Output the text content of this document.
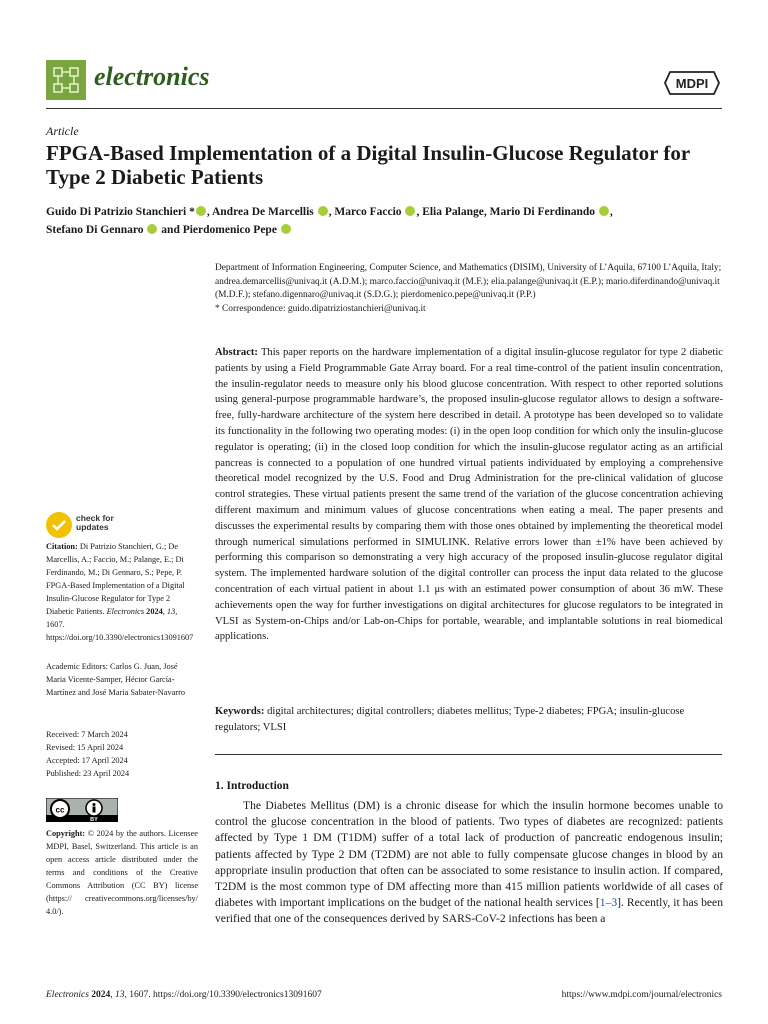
electronics	MDPI
Article
FPGA-Based Implementation of a Digital Insulin-Glucose Regulator for Type 2 Diabetic Patients
Guido Di Patrizio Stanchieri * , Andrea De Marcellis , Marco Faccio , Elia Palange, Mario Di Ferdinando ,
Stefano Di Gennaro  and Pierdomenico Pepe

Department of Information Engineering, Computer Science, and Mathematics (DISIM), University of L’Aquila, 67100 L’Aquila, Italy; andrea.demarcellis@univaq.it (A.D.M.); marco.faccio@univaq.it (M.F.); elia.palange@univaq.it (E.P.); mario.diferdinando@univaq.it (M.D.F.); stefano.digennaro@univaq.it (S.D.G.); pierdomenico.pepe@univaq.it (P.P.)

* Correspondence: guido.dipatriziostanchieri@univaq.it

Abstract: This paper reports on the hardware implementation of a digital insulin-glucose regulator for type 2 diabetic patients by using a Field Programmable Gate Array board. For a real time-control of the patient insulin concentration, the insulin-regulator needs to measure only his blood glucose concentration. With respect to other reported solutions using general-purpose programmable hardware’s, the proposed insulin-glucose regulator allows to design a software-free, fully-hardware architecture of the system here described in detail. A prototype has been developed so to validate its functionality in the following two operating modes: (i) in the open loop condition for which only the insulin-glucose regulator is operating; (ii) in the closed loop condition for which the insulin-glucose regulator acting as an artificial pancreas is connected to a population of one hundred virtual patients individuated by employing a comprehensive theoretical model recognized by the U.S. Food and Drug Administration for the pre-clinical validation of glucose control strategies. These virtual patients present the same trend of the variation of the glucose concentration achieving different maximum and minimum values of glucose concentrations when eating a meal. The paper presents and discusses the experimental results by comparing them with those ones obtained by implementing the theoretical model through numerical simulations performed in SIMULINK. Relative errors lower than ±1% have been achieved by performing this comparison so demonstrating a very high accuracy of the proposed insulin-glucose regulator digital system. The implemented hardware solution of the digital controller can process the input data related to the glucose concentration of each virtual patient in about 1.1 μs with an estimated power consumption of about 36 mW. These achievements open the way for further investigations on digital architectures for glucose regulators to be integrated in VLSI as System-on-Chips and/or Lab-on-Chips for portable, wearable, and implantable solutions in real biomedical applications.
Keywords: digital architectures; digital controllers; diabetes mellitus; Type-2 diabetes; FPGA; insulin-glucose regulators; VLSI
check for updates

Citation: Di Patrizio Stanchieri, G.; De Marcellis, A.; Faccio, M.; Palange, E.; Di Ferdinando, M.; Di Gennaro, S.; Pepe, P. FPGA-Based Implementation of a Digital Insulin-Glucose Regulator for Type 2 Diabetic Patients. Electronics 2024, 13, 1607. https://doi.org/10.3390/electronics13091607

Academic Editors: Carlos G. Juan, José Maria Vicente-Samper, Héctor García-Martínez and José Maria Sabater-Navarro

Received: 7 March 2024

Revised: 15 April 2024

Accepted: 17 April 2024

Published: 23 April 2024

cc
BY
Copyright: © 2024 by the authors. Licensee MDPI, Basel, Switzerland. This article is an open access article distributed under the terms and conditions of the Creative Commons Attribution (CC BY) license (https:// creativecommons.org/licenses/by/ 4.0/).
1. Introduction

The Diabetes Mellitus (DM) is a chronic disease for which the insulin hormone becomes unable to control the glucose concentration in the blood of patients. Two types of diabetes are recognized: patients affected by Type 1 DM (T1DM) suffer of a total lack of production of pancreatic endogenous insulin; patients affected by Type 2 DM (T2DM) are not able to fully compensate glucose changes in blood by an appropriate insulin production that often can be associated to some resistance to insulin action. If compared, T2DM is the most common type of DM affecting more than 415 million patients worldwide of all cases of diabetes with important implications on the budget of the national health services [1–3]. Recently, it has been verified that one of the consequences derived by SARS-CoV-2 infections has been a

Electronics 2024, 13, 1607. https://doi.org/10.3390/electronics13091607	https://www.mdpi.com/journal/electronics
